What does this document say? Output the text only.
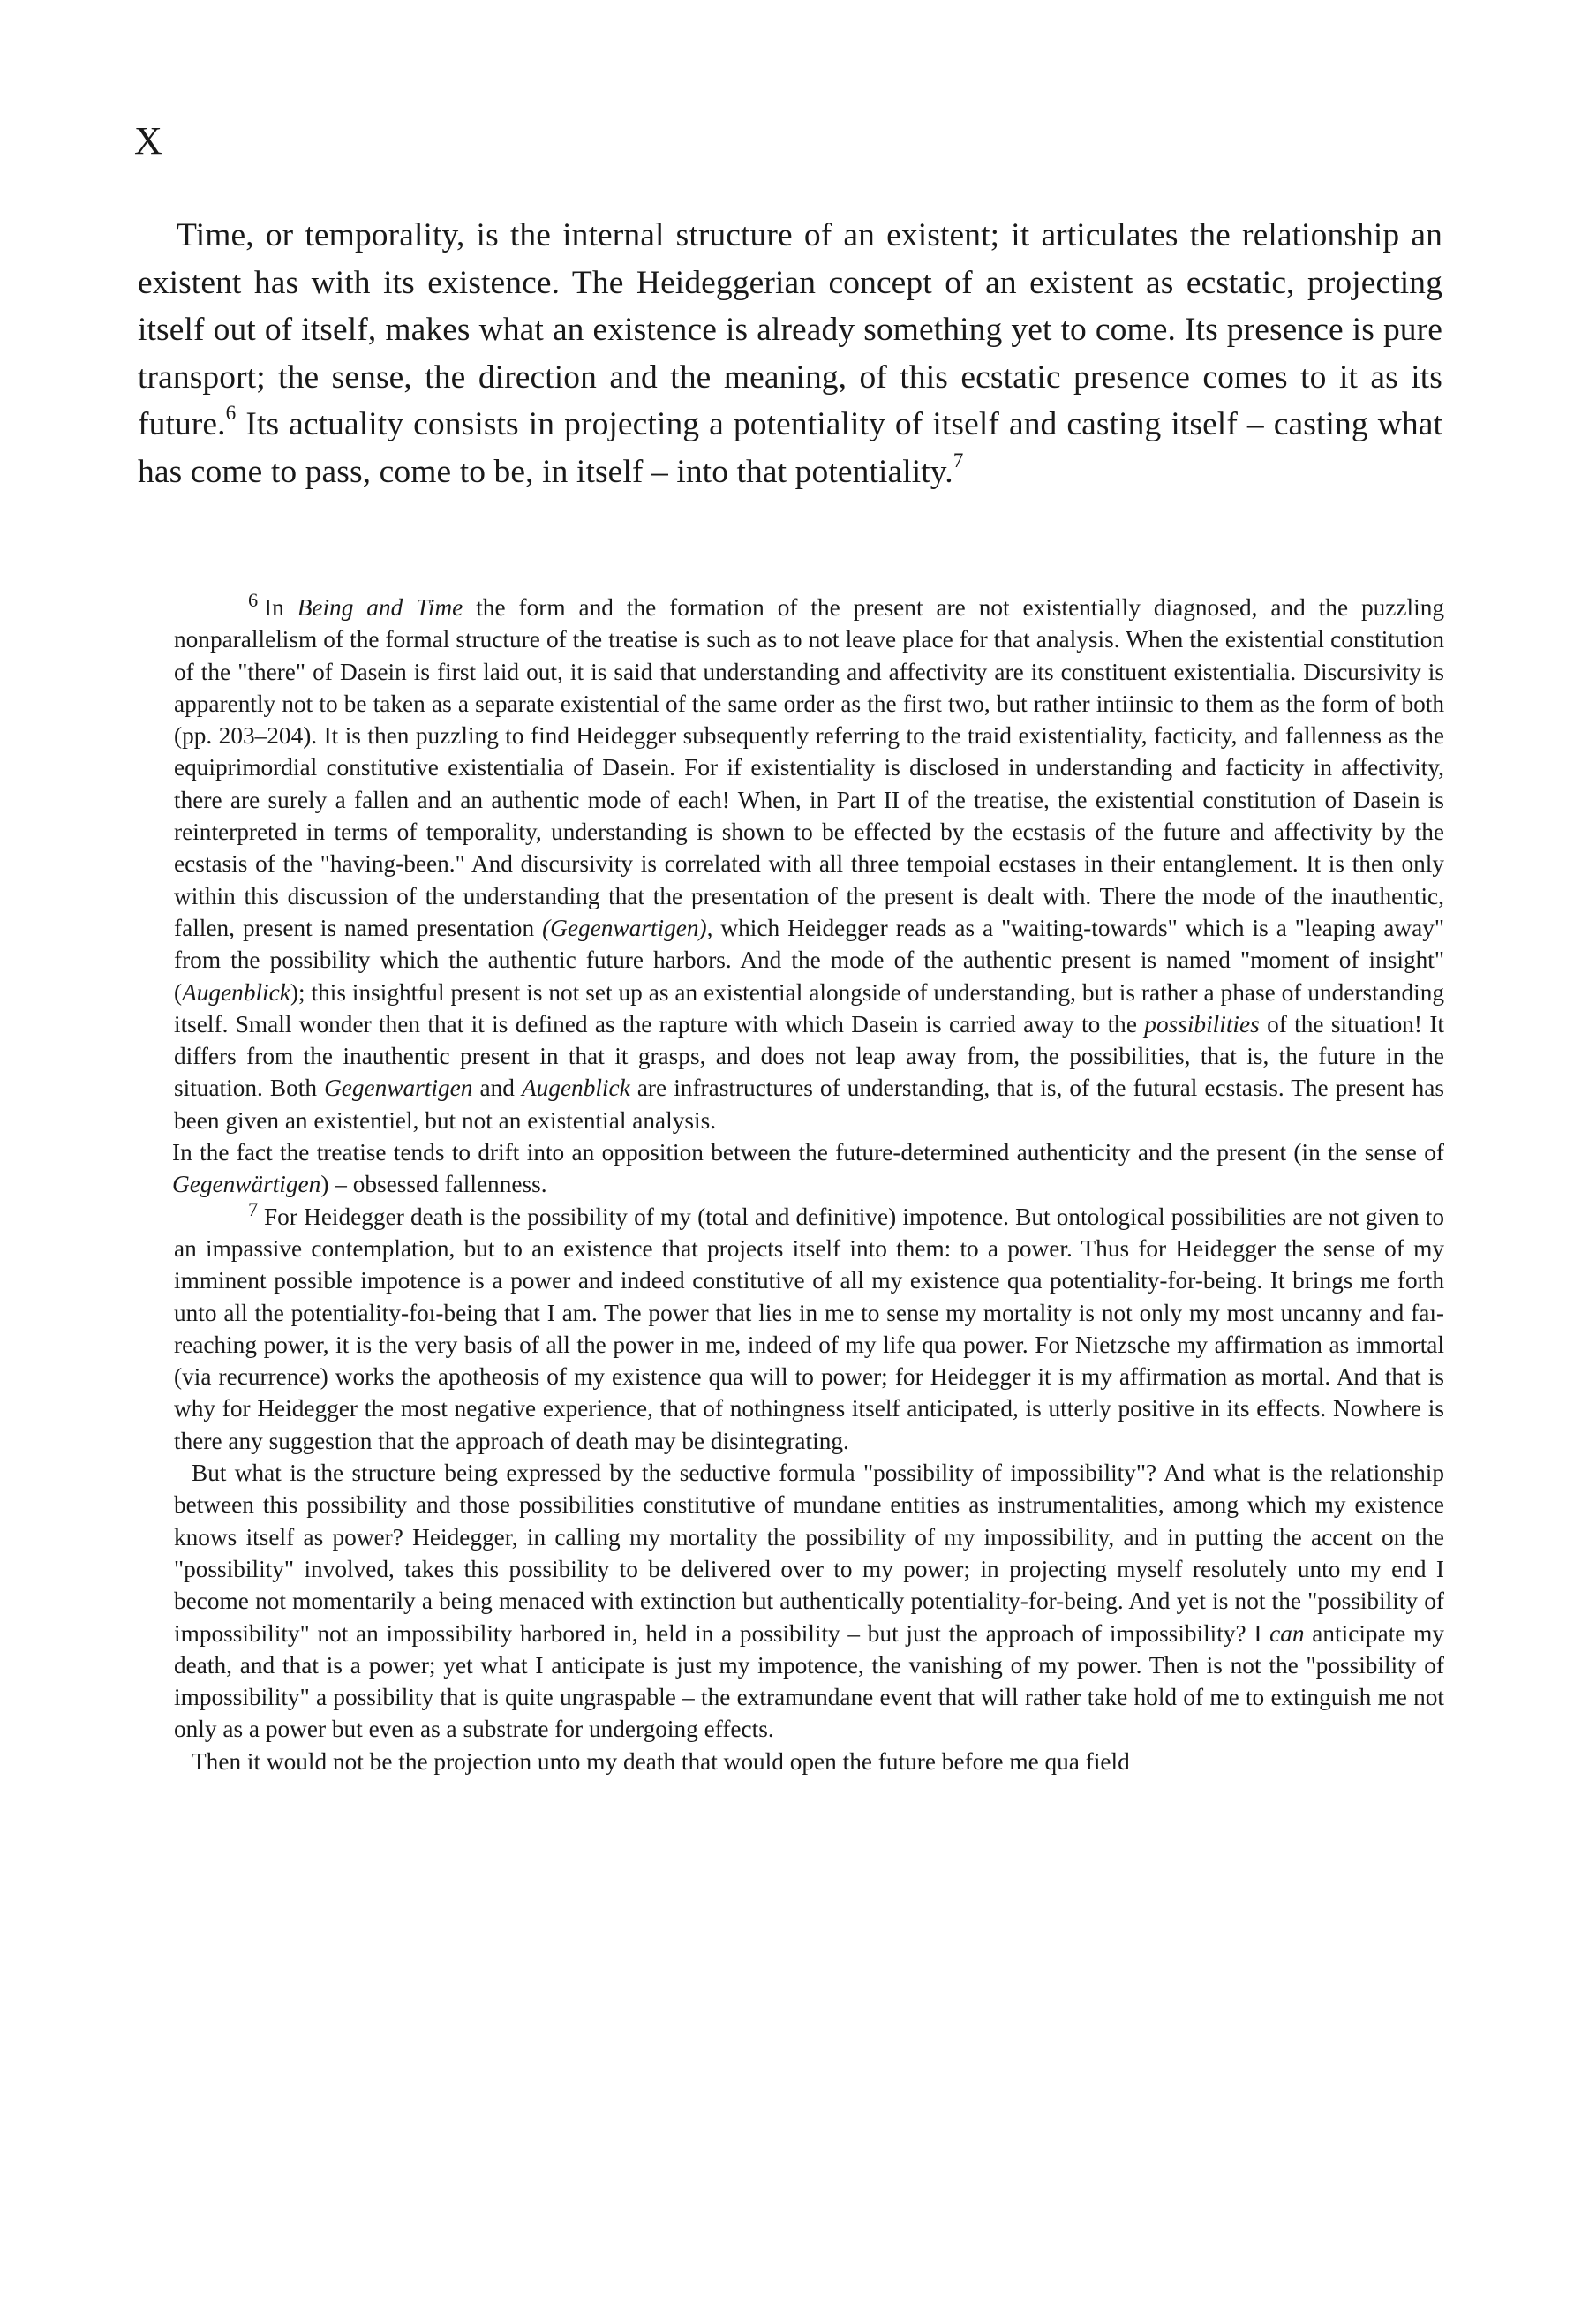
X

Time, or temporality, is the internal structure of an existent; it articulates the relationship an existent has with its existence. The Heideggerian concept of an existent as ecstatic, projecting itself out of itself, makes what an existence is already something yet to come. Its presence is pure transport; the sense, the direction and the meaning, of this ecstatic presence comes to it as its future.$^6$ Its actuality consists in projecting a potentiality of itself and casting itself – casting what has come to pass, come to be, in itself – into that potentiality.$^7$

6 In Being and Time the form and the formation of the present are not existentially diagnosed, and the puzzling nonparallelism of the formal structure of the treatise is such as to not leave place for that analysis. When the existential constitution of the "there" of Dasein is first laid out, it is said that understanding and affectivity are its constituent existentialia. Discursivity is apparently not to be taken as a separate existential of the same order as the first two, but rather intiinsic to them as the form of both (pp. 203–204). It is then puzzling to find Heidegger subsequently referring to the traid existentiality, facticity, and fallenness as the equiprimordial constitutive existentialia of Dasein. For if existentiality is disclosed in understanding and facticity in affectivity, there are surely a fallen and an authentic mode of each! When, in Part II of the treatise, the existential constitution of Dasein is reinterpreted in terms of temporality, understanding is shown to be effected by the ecstasis of the future and affectivity by the ecstasis of the "having-been." And discursivity is correlated with all three tempoial ecstases in their entanglement. It is then only within this discussion of the understanding that the presentation of the present is dealt with. There the mode of the inauthentic, fallen, present is named presentation (Gegenwartigen), which Heidegger reads as a "waiting-towards" which is a "leaping away" from the possibility which the authentic future harbors. And the mode of the authentic present is named "moment of insight" (Augenblick); this insightful present is not set up as an existential alongside of understanding, but is rather a phase of understanding itself. Small wonder then that it is defined as the rapture with which Dasein is carried away to the possibilities of the situation! It differs from the inauthentic present in that it grasps, and does not leap away from, the possibilities, that is, the future in the situation. Both Gegenwartigen and Augenblick are infrastructures of understanding, that is, of the futural ecstasis. The present has been given an existentiel, but not an existential analysis.

In the fact the treatise tends to drift into an opposition between the future-determined authenticity and the present (in the sense of Gegenwärtigen) – obsessed fallenness.

7 For Heidegger death is the possibility of my (total and definitive) impotence. But ontological possibilities are not given to an impassive contemplation, but to an existence that projects itself into them: to a power. Thus for Heidegger the sense of my imminent possible impotence is a power and indeed constitutive of all my existence qua potentiality-for-being. It brings me forth unto all the potentiality-foı-being that I am. The power that lies in me to sense my mortality is not only my most uncanny and faı-reaching power, it is the very basis of all the power in me, indeed of my life qua power. For Nietzsche my affirmation as immortal (via recurrence) works the apotheosis of my existence qua will to power; for Heidegger it is my affirmation as mortal. And that is why for Heidegger the most negative experience, that of nothingness itself anticipated, is utterly positive in its effects. Nowhere is there any suggestion that the approach of death may be disintegrating.

But what is the structure being expressed by the seductive formula "possibility of impossibility"? And what is the relationship between this possibility and those possibilities constitutive of mundane entities as instrumentalities, among which my existence knows itself as power? Heidegger, in calling my mortality the possibility of my impossibility, and in putting the accent on the "possibility" involved, takes this possibility to be delivered over to my power; in projecting myself resolutely unto my end I become not momentarily a being menaced with extinction but authentically potentiality-for-being. And yet is not the "possibility of impossibility" not an impossibility harbored in, held in a possibility – but just the approach of impossibility? I can anticipate my death, and that is a power; yet what I anticipate is just my impotence, the vanishing of my power. Then is not the "possibility of impossibility" a possibility that is quite ungraspable – the extramundane event that will rather take hold of me to extinguish me not only as a power but even as a substrate for undergoing effects.

Then it would not be the projection unto my death that would open the future before me qua field
